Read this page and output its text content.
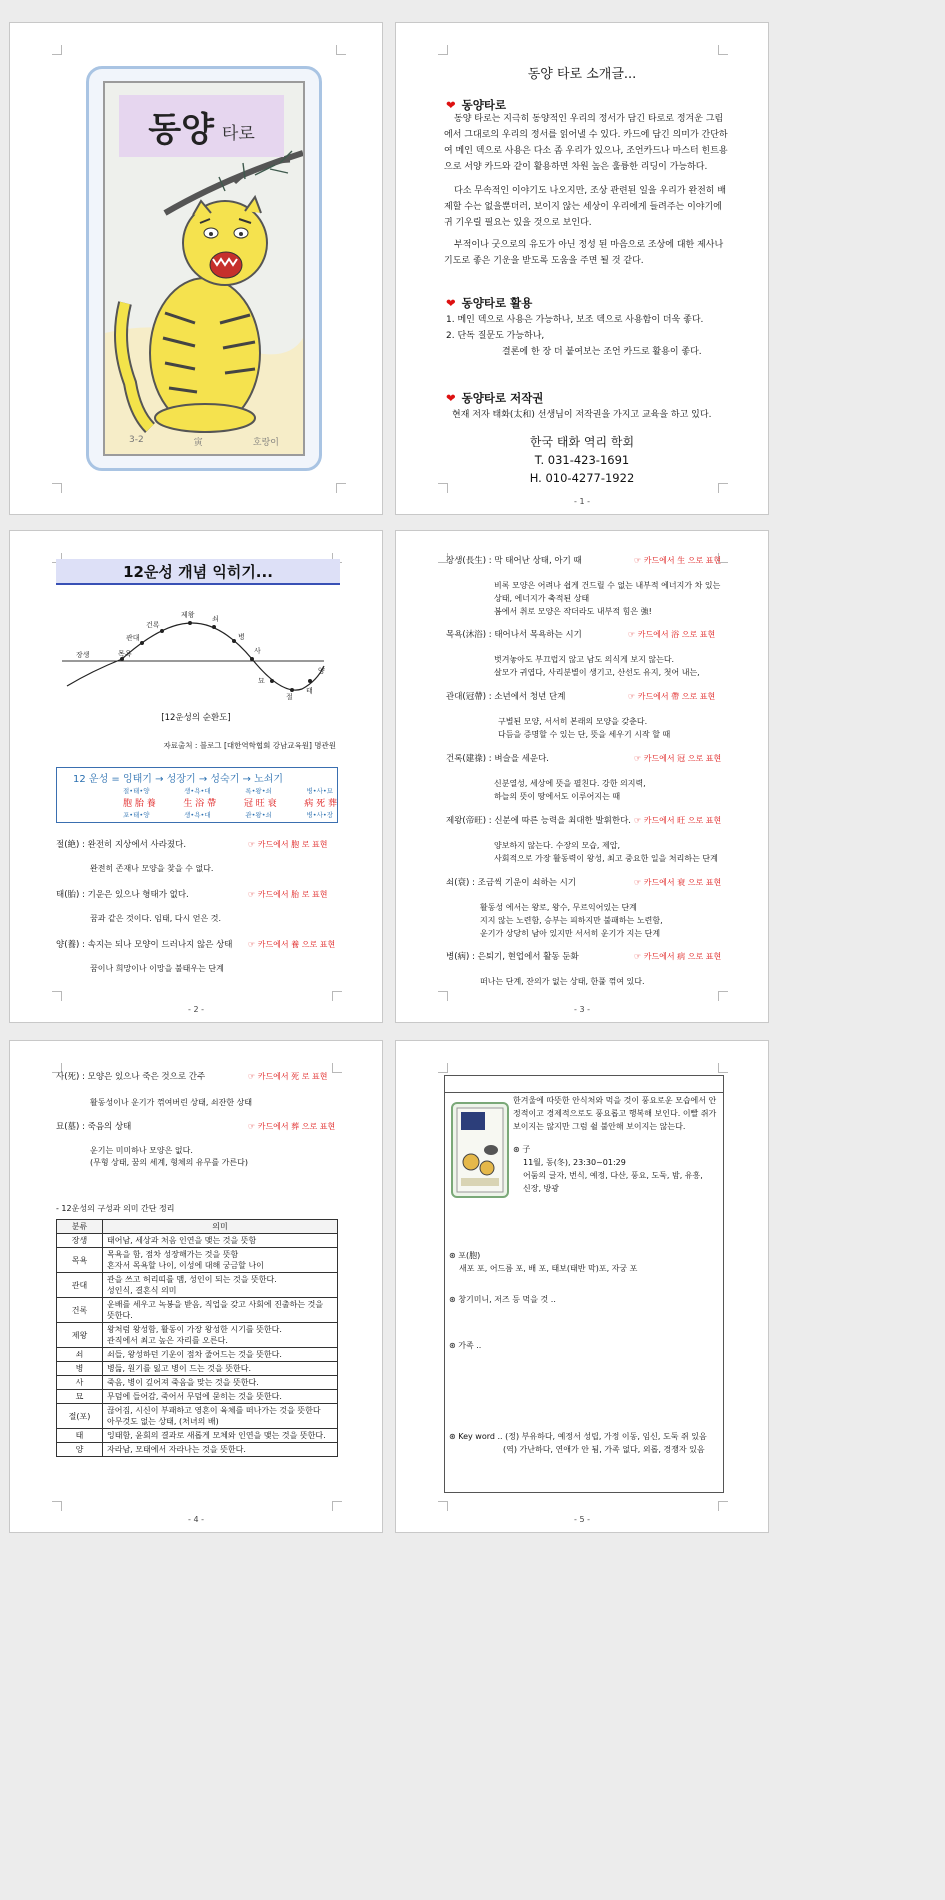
동양 타로
3-2	寅	호랑이
동양 타로 소개글...
❤ 동양타로
동양 타로는 지극히 동양적인 우리의 정서가 담긴 타로로 정겨운 그림에서 그대로의 우리의 정서를 읽어낼 수 있다. 카드에 담긴 의미가 간단하여 메인 덱으로 사용은 다소 좀 우리가 있으나, 조언카드나 마스터 힌트용으로 서양 카드와 같이 활용하면 차원 높은 훌륭한 리딩이 가능하다.
다소 무속적인 이야기도 나오지만, 조상 관련된 일을 우리가 완전히 배제할 수는 없을뿐더러, 보이지 않는 세상이 우리에게 들려주는 이야기에 귀 기우릴 필요는 있을 것으로 보인다.
부적이나 굿으로의 유도가 아닌 정성 된 마음으로 조상에 대한 제사나 기도로 좋은 기운을 받도록 도움을 주면 될 것 같다.
❤ 동양타로 활용
1. 메인 덱으로 사용은 가능하나, 보조 덱으로 사용함이 더욱 좋다.
2. 단독 질문도 가능하나,
결론에 한 장 더 붙여보는 조언 카드로 활용이 좋다.
❤ 동양타로 저작권
현재 저자 태화(太和) 선생님이 저작권을 가지고 교육을 하고 있다.
한국 태화 역리 학회
T. 031-423-1691
H. 010-4277-1922
- 1 -
12운성 개념 익히기...
장생	목욕
관대
건록
제왕 쇠
병
사
묘
절
태
양
[12운성의 순환도]
자료출처 : 블로그 [대한역학협회 강남교육원] 명관원
12 운성 = 잉태기 → 성장기 → 성숙기 → 노쇠기
절•태•양	생•욕•대	록•왕•쇠	병•사•묘
胞 胎 養	生 浴 帶	冠 旺 衰	病 死 葬
포•태•양	생•욕•대	관•왕•쇠	병•사•장
절(絶) : 완전히 지상에서 사라졌다.	☞ 카드에서 胞 로 표현
완전히 존재나 모양을 찾을 수 없다.
태(胎) : 기운은 있으나 형태가 없다.	☞ 카드에서 胎 로 표현
꿈과 같은 것이다. 임태, 다시 얻은 것.
양(養) : 속지는 되나 모양이 드러나지 않은 상태 ☞ 카드에서 養 으로 표현
꿈이나 희망이나 이망을 불태우는 단계
- 2 -
장생(長生) : 막 태어난 상태, 아기 때	☞ 카드에서 生 으로 표현
비록 모양은 어려나 쉽게 건드릴 수 없는 내부적 에너지가 차 있는
상태, 에너지가 축적된 상태
봄에서 취로 모양은 작더라도 내부적 힘은 強!
목욕(沐浴) : 태어나서 목욕하는 시기	☞ 카드에서 浴 으로 표현
벗겨놓아도 부끄럽지 않고 남도 의식게 보지 않는다.
살모가 귀엽다, 사리분별이 생기고, 산선도 유지, 첫어 내는,
관대(冠帶) : 소년에서 청년 단계	☞ 카드에서 帶 으로 표현
구별된 모양, 서서히 본래의 모양을 갖춘다.
다듬을 증명할 수 있는 단, 뜻을 세우기 시작 할 때
건록(建祿) : 벼슬을 세운다.	☞ 카드에서 冠 으로 표현
신분열성, 세상에 뜻을 펼친다. 강한 의지력,
하늘의 뜻이 땅에서도 이루어지는 때
제왕(帝旺) : 신분에 따른 능력을 최대한 발휘한다. ☞ 카드에서 旺 으로 표현
양보하지 않는다. 수장의 모습, 제압,
사회적으로 가장 활동력이 왕성, 최고 중요한 일을 처리하는 단계
쇠(衰) : 조금씩 기운이 쇠하는 시기	☞ 카드에서 衰 으로 표현
활동성 에서는 왕로, 왕수, 무르익어있는 단계
지지 않는 노련함, 승부는 피하지만 불패하는 노련함,
운기가 상당히 남아 있지만 서서히 운기가 지는 단계
병(病) : 은퇴기, 현업에서 활동 둔화	☞ 카드에서 病 으로 표현
떠나는 단계, 잔의가 없는 상태, 한풀 꺾여 있다.
- 3 -
사(死) : 모양은 있으나 죽은 것으로 간주	☞ 카드에서 死 로 표현
활동성이나 운기가 꺾여버린 상태, 쇠잔한 상태
묘(墓) : 죽음의 상태	☞ 카드에서 葬 으로 표현
운기는 미미하나 모양은 없다.
(무형 상태, 꿈의 세계, 형체의 유무를 가른다)
- 12운성의 구성과 의미 간단 정리
분류	의미
장생	태어남, 세상과 처음 인연을 맺는 것을 뜻함
목욕	목욕을 함, 점차 성장해가는 것을 뜻함
혼자서 목욕할 나이, 이성에 대해 궁금할 나이

관대	관을 쓰고 허리띠를 맴, 성인이 되는 것을 뜻한다.
성인식, 결혼식 의미

건록	운배를 세우고 녹봉을 받음, 직업을 갖고 사회에 진출하는 것을
뜻한다.

제왕	왕처럼 왕성함, 활동이 가장 왕성한 시기를 뜻한다.
관직에서 최고 높은 자리를 오른다.

쇠	쇠들, 왕성하던 기운이 점차 줄어드는 것을 뜻한다.
병	병듦, 원기를 잃고 병이 드는 것을 뜻한다.
사	죽음, 병이 깊어져 죽음을 맞는 것을 뜻한다.
묘	무덤에 들어감, 죽어서 무덤에 묻히는 것을 뜻한다.
절(포)	끊어짐, 시신이 부패하고 영혼이 육체를 떠나가는 것을 뜻한다
아무것도 없는 상태, (처녀의 배)

태	잉태함, 윤회의 결과로 새롭게 모체와 인연을 맺는 것을 뜻한다.
양	자라남, 모태에서 자라나는 것을 뜻한다.
- 4 -
한겨울에 따뜻한 안식처와 먹을 것이 풍요로운 모습에서 안정적이고 경제적으로도 풍요롭고 행복해 보인다. 이빨 쥐가 보이지는 않지만 그럼 쉴 불안해 보이지는 않는다.
⊛ 子
11월, 동(冬), 23:30~01:29
어둠의 글자, 번식, 예정, 다산, 풍요, 도둑, 밤, 유흥,
신장, 방광
⊛ 포(胞)
새포 포, 어드름 포, 배 포, 태보(태반 막)포, 자궁 포
⊛ 창기미니, 저즈 등 먹을 것 ..
⊛ 가족 ..
⊛ Key word .. (정) 부유하다, 예정서 성립, 가정 이동, 임신, 도둑 쥐 있음
(역) 가난하다, 연애가 안 됨, 가족 없다, 외롭, 경쟁자 있음
- 5 -
